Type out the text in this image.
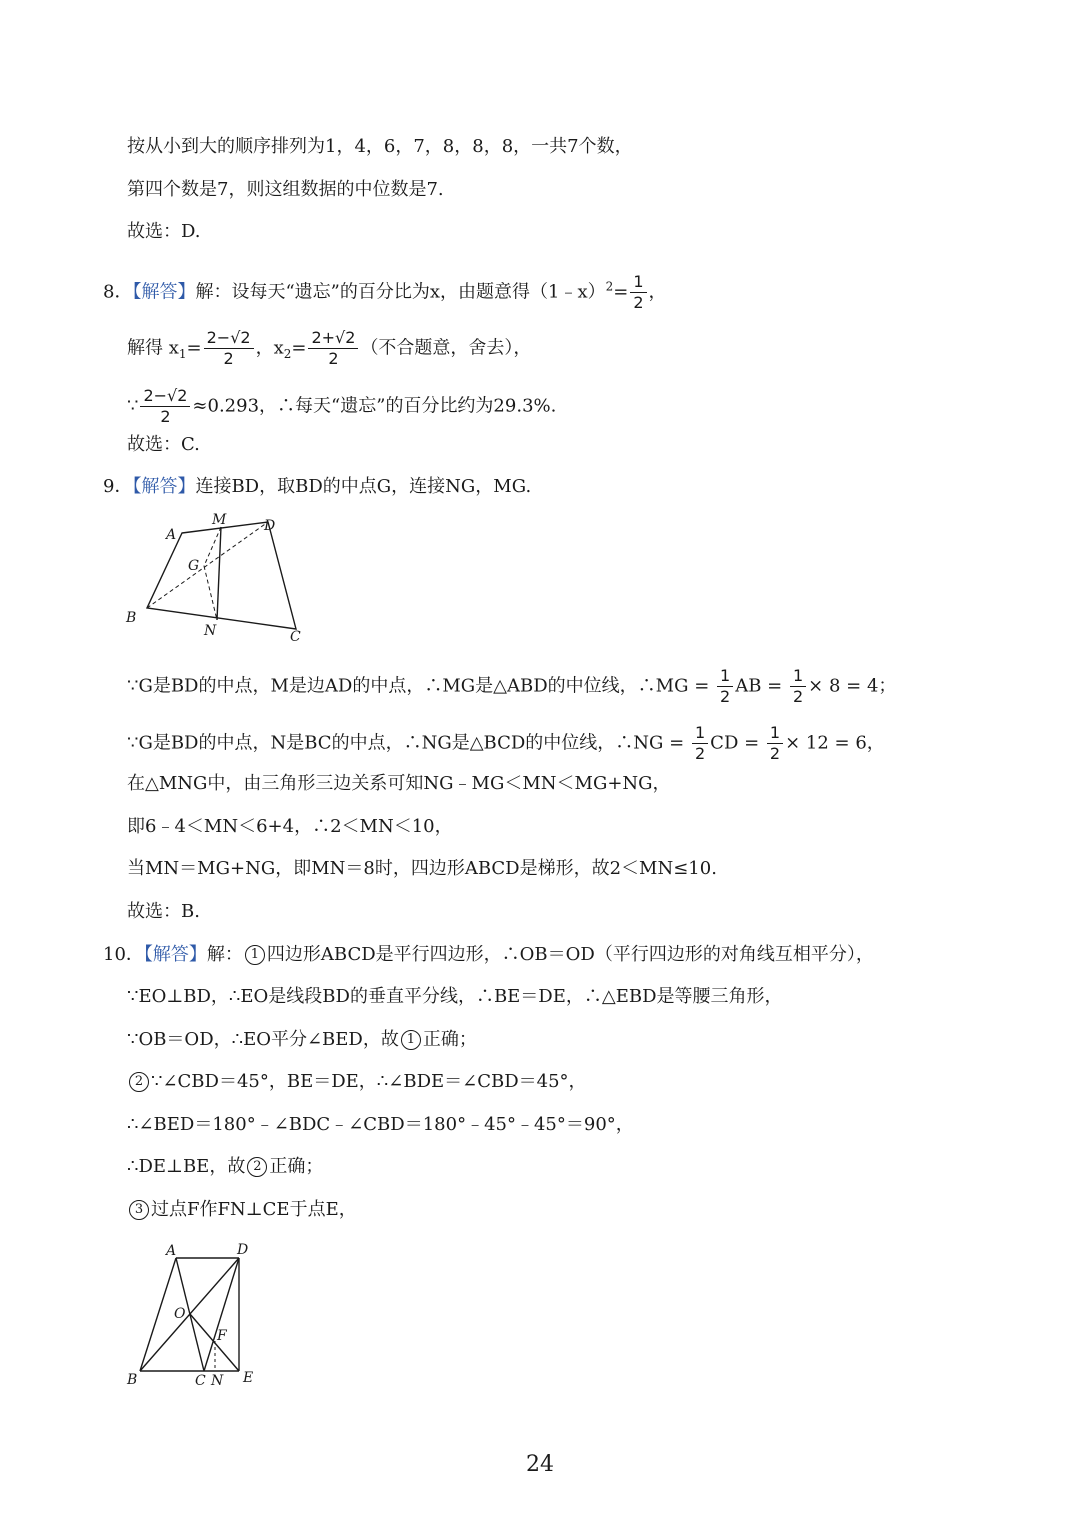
按从小到大的顺序排列为1，4，6，7，8，8，8，一共7个数，
第四个数是7，则这组数据的中位数是7.
故选：D.
8．【解答】解：设每天“遗忘”的百分比为x，由题意得（1﹣x）$^2$= $\frac{1}{2}$ ，
解得 $x_1= \frac{2-√2}{2}$ ，$x_2= \frac{2+√2}{2}$ （不合题意，舍去），
∵ $\frac{2-√2}{2} \approx 0.293$，∴每天“遗忘”的百分比约为29.3%.
故选：C.
9．【解答】连接BD，取BD的中点G，连接NG，MG.
A
M	D
G
B
N	C
∵G是BD的中点，M是边AD的中点，∴MG是△ABD的中位线，∴MG = $\frac{1}{2}$ AB = $\frac{1}{2} \times 8 = 4$；
∵G是BD的中点，N是BC的中点，∴NG是△BCD的中位线，∴NG = $\frac{1}{2}$ CD = $\frac{1}{2} \times 12 = 6$，
在△MNG中，由三角形三边关系可知NG﹣MG＜MN＜MG+NG，
即6﹣4＜MN＜6+4，∴2＜MN＜10，
当MN＝MG+NG，即MN＝8时，四边形ABCD是梯形，故2＜MN≤10.
故选：B.
10．【解答】解： 1 四边形ABCD是平行四边形，∴OB＝OD（平行四边形的对角线互相平分），
∵EO⊥BD，∴EO是线段BD的垂直平分线，∴BE＝DE，∴△EBD是等腰三角形，
∵OB＝OD，∴EO平分∠BED，故 1 正确；
2 ∵∠CBD＝45°，BE＝DE，∴∠BDE＝∠CBD＝45°，
∴∠BED＝180°﹣∠BDC﹣∠CBD＝180°﹣45°﹣45°＝90°，
∴DE⊥BE，故 2 正确；
3 过点F作FN⊥CE于点E，
A	D
O
F
B	C N E
24
